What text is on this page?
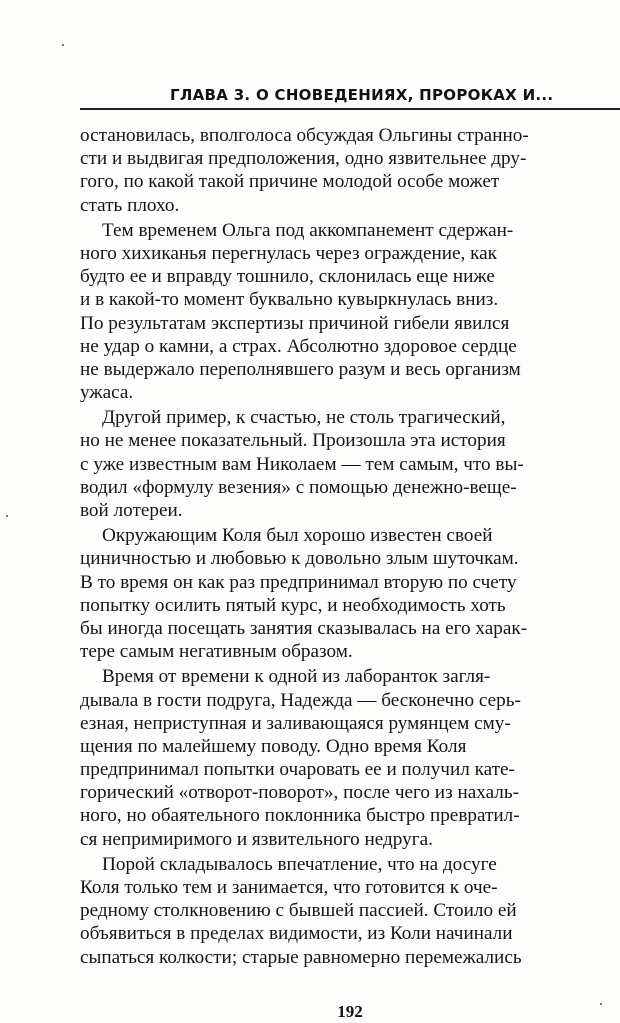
ГЛАВА 3. О СНОВЕДЕНИЯХ, ПРОРОКАХ И...
остановилась, вполголоса обсуждая Ольгины странно-
сти и выдвигая предположения, одно язвительнее дру-
гого, по какой такой причине молодой особе может
стать плохо.
Тем временем Ольга под аккомпанемент сдержан-
ного хихиканья перегнулась через ограждение, как
будто ее и вправду тошнило, склонилась еще ниже
и в какой-то момент буквально кувыркнулась вниз.
По результатам экспертизы причиной гибели явился
не удар о камни, а страх. Абсолютно здоровое сердце
не выдержало переполнявшего разум и весь организм
ужаса.
Другой пример, к счастью, не столь трагический,
но не менее показательный. Произошла эта история
с уже известным вам Николаем — тем самым, что вы-
водил «формулу везения» с помощью денежно-веще-
вой лотереи.
Окружающим Коля был хорошо известен своей
циничностью и любовью к довольно злым шуточкам.
В то время он как раз предпринимал вторую по счету
попытку осилить пятый курс, и необходимость хоть
бы иногда посещать занятия сказывалась на его харак-
тере самым негативным образом.
Время от времени к одной из лаборанток загля-
дывала в гости подруга, Надежда — бесконечно серь-
езная, неприступная и заливающаяся румянцем сму-
щения по малейшему поводу. Одно время Коля
предпринимал попытки очаровать ее и получил кате-
горический «отворот-поворот», после чего из нахаль-
ного, но обаятельного поклонника быстро превратил-
ся непримиримого и язвительного недруга.
Порой складывалось впечатление, что на досуге
Коля только тем и занимается, что готовится к оче-
редному столкновению с бывшей пассией. Стоило ей
объявиться в пределах видимости, из Коли начинали
сыпаться колкости; старые равномерно перемежались
192
